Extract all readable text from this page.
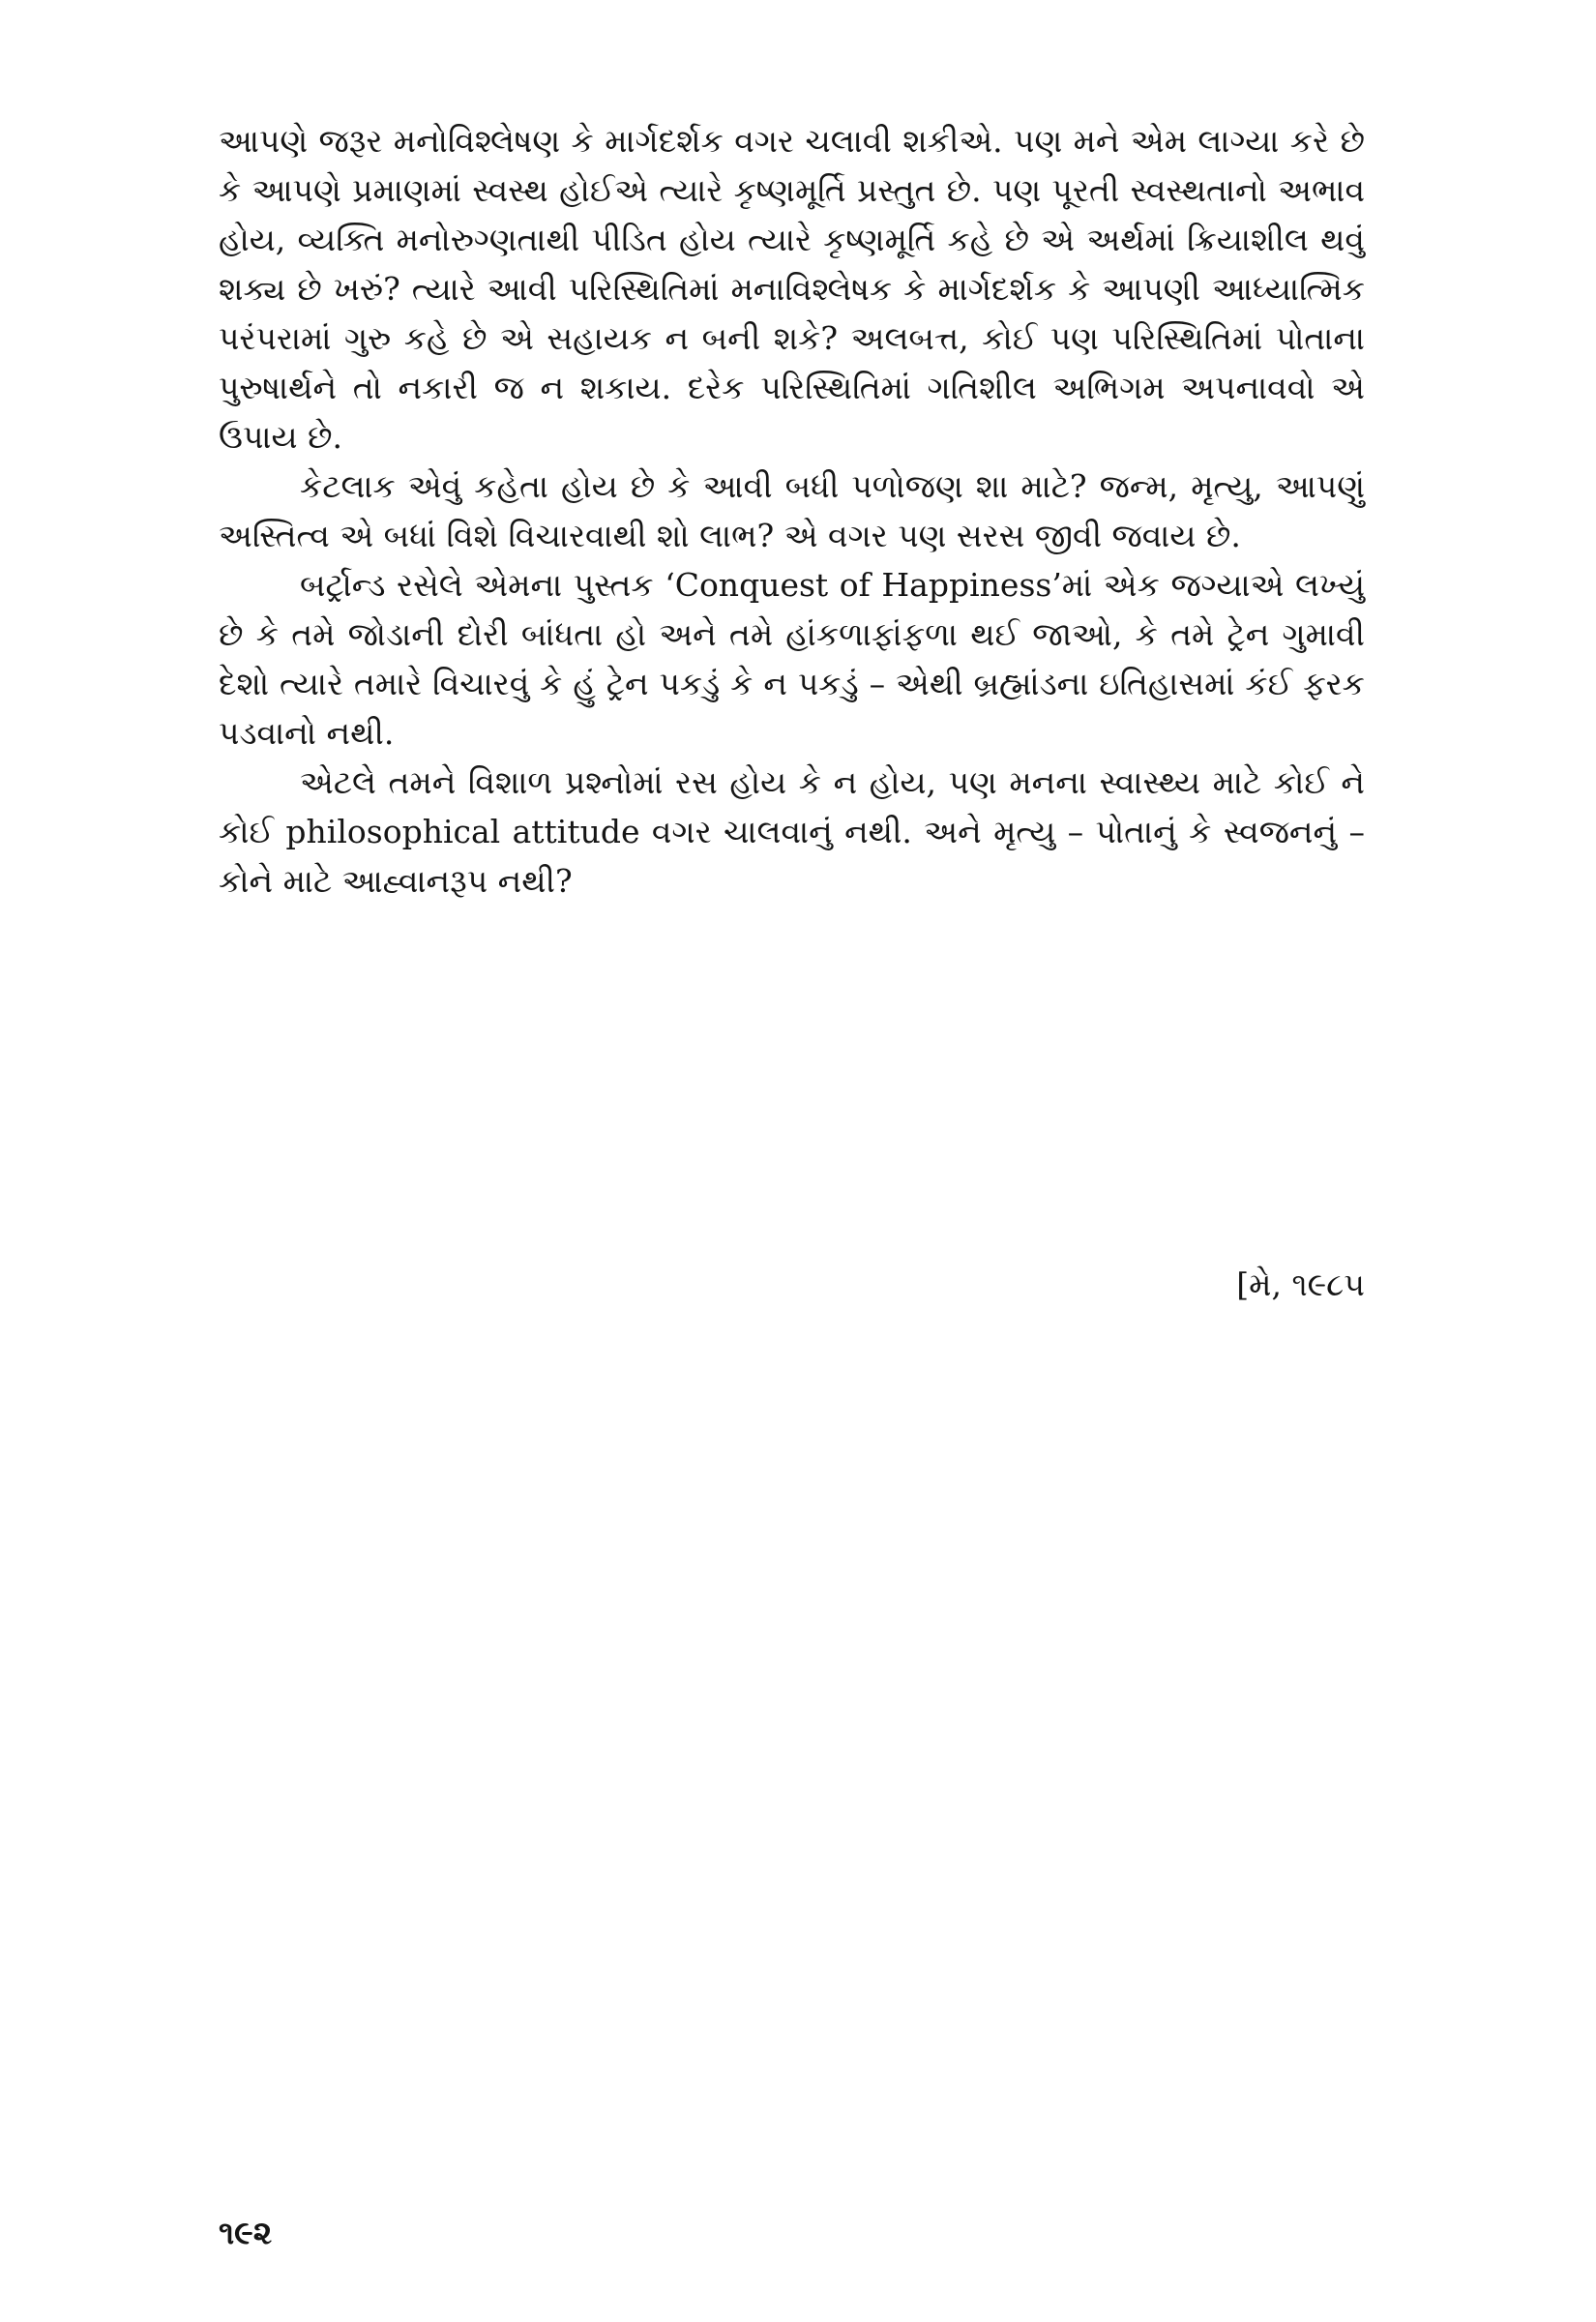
આપણે જરૂર મનોવિશ્લેષણ કે માર્ગદર્શક વગર ચલાવી શકીએ. પણ મને એમ લાગ્યા કરે છે કે આપણે પ્રમાણમાં સ્વસ્થ હોઈએ ત્યારે કૃષ્ણમૂર્તિ પ્રસ્તુત છે. પણ પૂરતી સ્વસ્થતાનો અભાવ હોય, વ્યક્તિ મનોરુગ્ણતાથી પીડિત હોય ત્યારે કૃષ્ણમૂર્તિ કહે છે એ અર્થમાં ક્રિયાશીલ થવું શક્ય છે ખરું? ત્યારે આવી પરિસ્થિતિમાં મનાવિશ્લેષક કે માર્ગદર્શક કે આપણી આધ્યાત્મિક પરંપરામાં ગુરુ કહે છે એ સહાયક ન બની શકે? અલબત્ત, કોઈ પણ પરિસ્થિતિમાં પોતાના પુરુષાર્થને તો નકારી જ ન શકાય. દરેક પરિસ્થિતિમાં ગતિશીલ અભિગમ અપનાવવો એ ઉપાય છે.

કેટલાક એવું કહેતા હોય છે કે આવી બધી પળોજણ શા માટે? જન્મ, મૃત્યુ, આપણું અસ્તિત્વ એ બધાં વિશે વિચારવાથી શો લાભ? એ વગર પણ સરસ જીવી જવાય છે.

બર્ટ્રાન્ડ રસેલે એમના પુસ્તક ‘Conquest of Happiness’માં એક જગ્યાએ લખ્યું છે કે તમે જોડાની દોરી બાંધતા હો અને તમે હાંકળાફાંફળા થઈ જાઓ, કે તમે ટ્રેન ગુમાવી દેશો ત્યારે તમારે વિચારવું કે હું ટ્રેન પકડું કે ન પકડું – એથી બ્રહ્માંડના ઇતિહાસમાં કંઈ ફરક પડવાનો નથી.

એટલે તમને વિશાળ પ્રશ્નોમાં રસ હોય કે ન હોય, પણ મનના સ્વાસ્થ્ય માટે કોઈ ને કોઈ philosophical attitude વગર ચાલવાનું નથી. અને મૃત્યુ – પોતાનું કે સ્વજનનું – કોને માટે આહ્વાનરૂપ નથી?

[મે, ૧૯૮૫
૧૯૨
